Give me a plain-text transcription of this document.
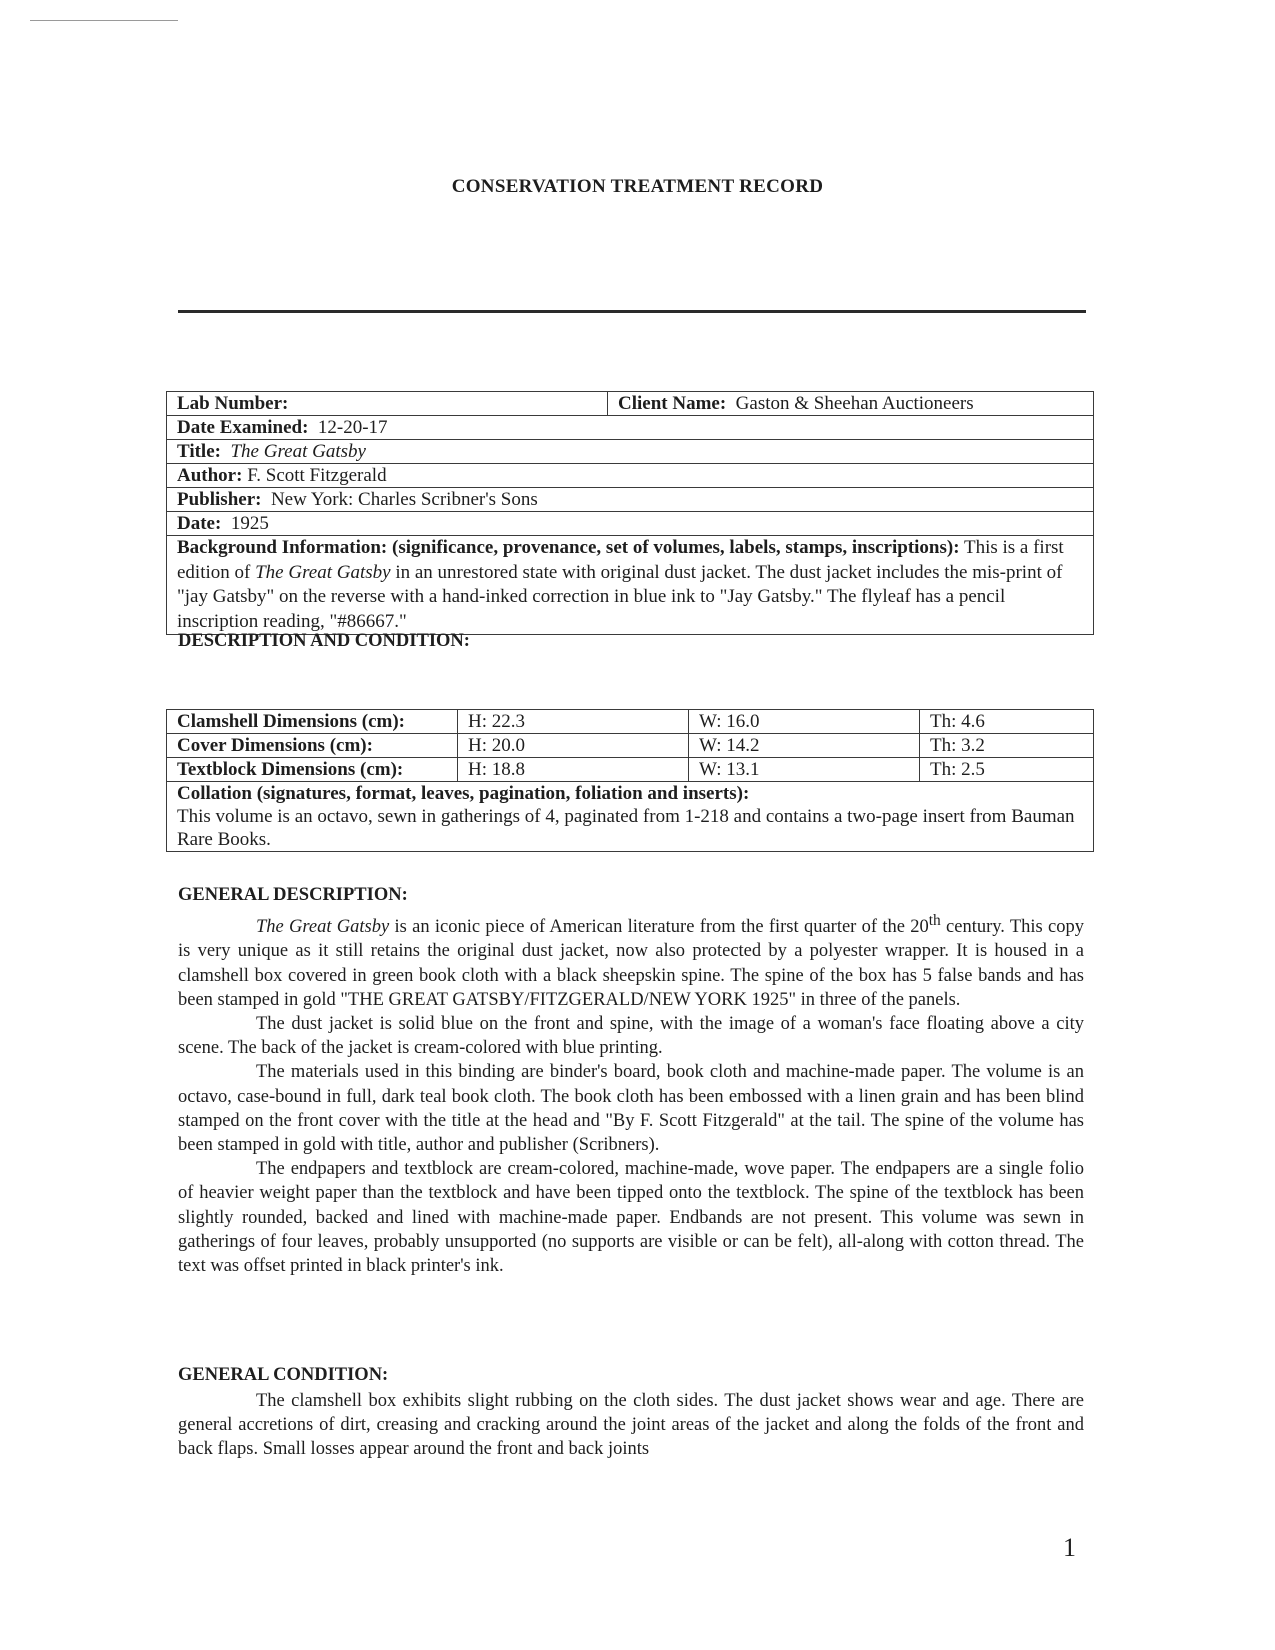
CONSERVATION TREATMENT RECORD
Lab Number:	Client Name: Gaston & Sheehan Auctioneers
Date Examined: 12-20-17
Title: The Great Gatsby
Author: F. Scott Fitzgerald
Publisher: New York: Charles Scribner's Sons
Date: 1925
Background Information: (significance, provenance, set of volumes, labels, stamps, inscriptions): This is a first edition of The Great Gatsby in an unrestored state with original dust jacket. The dust jacket includes the mis-print of "jay Gatsby" on the reverse with a hand-inked correction in blue ink to "Jay Gatsby." The flyleaf has a pencil inscription reading, "#86667."
DESCRIPTION AND CONDITION:
Clamshell Dimensions (cm):	H: 22.3	W: 16.0	Th: 4.6
Cover Dimensions (cm):	H: 20.0	W: 14.2	Th: 3.2
Textblock Dimensions (cm):	H: 18.8	W: 13.1	Th: 2.5
Collation (signatures, format, leaves, pagination, foliation and inserts):
This volume is an octavo, sewn in gatherings of 4, paginated from 1-218 and contains a two-page insert from Bauman Rare Books.			
GENERAL DESCRIPTION:

The Great Gatsby is an iconic piece of American literature from the first quarter of the 20th century. This copy is very unique as it still retains the original dust jacket, now also protected by a polyester wrapper. It is housed in a clamshell box covered in green book cloth with a black sheepskin spine. The spine of the box has 5 false bands and has been stamped in gold "THE GREAT GATSBY/FITZGERALD/NEW YORK 1925" in three of the panels.

The dust jacket is solid blue on the front and spine, with the image of a woman's face floating above a city scene. The back of the jacket is cream-colored with blue printing.

The materials used in this binding are binder's board, book cloth and machine-made paper. The volume is an octavo, case-bound in full, dark teal book cloth. The book cloth has been embossed with a linen grain and has been blind stamped on the front cover with the title at the head and "By F. Scott Fitzgerald" at the tail. The spine of the volume has been stamped in gold with title, author and publisher (Scribners).

The endpapers and textblock are cream-colored, machine-made, wove paper. The endpapers are a single folio of heavier weight paper than the textblock and have been tipped onto the textblock. The spine of the textblock has been slightly rounded, backed and lined with machine-made paper. Endbands are not present. This volume was sewn in gatherings of four leaves, probably unsupported (no supports are visible or can be felt), all-along with cotton thread. The text was offset printed in black printer's ink.

GENERAL CONDITION:

The clamshell box exhibits slight rubbing on the cloth sides. The dust jacket shows wear and age. There are general accretions of dirt, creasing and cracking around the joint areas of the jacket and along the folds of the front and back flaps. Small losses appear around the front and back joints

1
